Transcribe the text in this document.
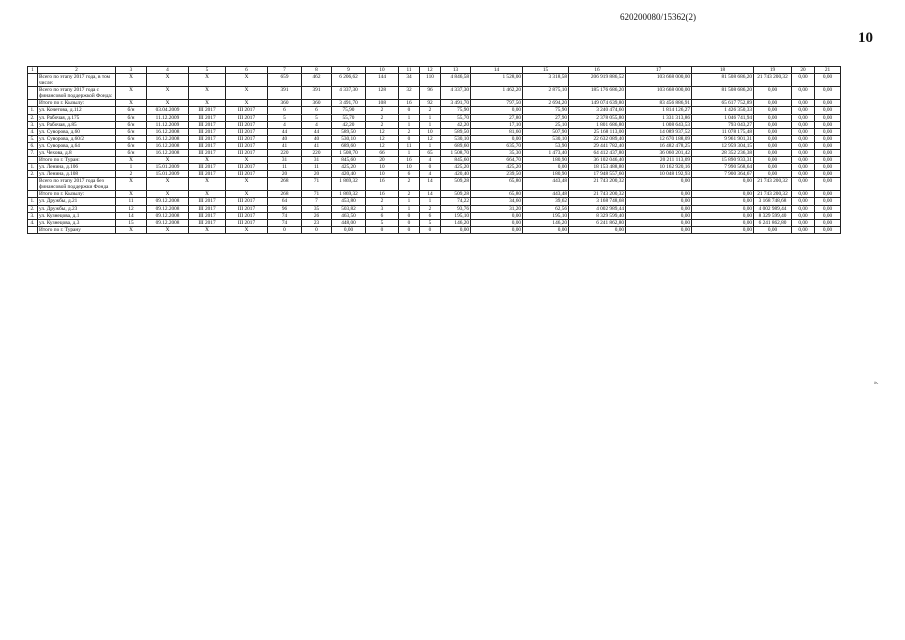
620200080/15362(2)
10
1	2	3	4	5	6	7	8	9	10	11	12	13	14	15	16	17	18	19	20	21
	Всего по этапу 2017 года, в том числе:	X	X	X	X	659	462	6 206,62	144	34	110	4 846,58	1 528,00	3 318,58	206 919 886,52	103 668 000,00	81 508 686,20	21 743 200,32	0,00	0,00
	Всего по этапу 2017 года с финансовой поддержкой Фонда:	X	X	X	X	391	391	4 337,30	128	32	96	4 337,30	1 462,20	2 875,10	185 176 686,20	103 668 000,00	81 508 686,20	0,00	0,00	0,00
	Итого по г. Кызылу:	X	X	X	X	360	360	3 491,70	108	16	92	3 491,70	797,50	2 694,20	149 074 639,80	83 456 886,91	65 617 752,89	0,00	0,00	0,00
1.	ул. Кочетова, д.112	б/н	03.04.2009	III 2017	III 2017	6	6	75,90	2	0	2	75,90	0,00	75,90	3 240 474,60	1 814 126,27	1 426 350,33	0,00	0,00	0,00
2.	ул. Рабочая, д.175	б/н	11.12.2009	III 2017	III 2017	5	5	55,70	2	1	1	55,70	27,80	27,90	2 378 055,80	1 331 313,86	1 046 741,94	0,00	0,00	0,00
3.	ул. Рабочая, д.85	б/н	11.12.2009	III 2017	III 2017	4	4	42,20	2	1	1	42,20	17,10	25,10	1 801 686,80	1 008 643,53	793 043,27	0,00	0,00	0,00
4.	ул. Суворова, д.60	б/н	16.12.2008	III 2017	III 2017	44	44	589,50	12	2	10	589,50	81,60	507,90	25 168 113,00	14 089 937,52	11 078 175,48	0,00	0,00	0,00
5.	ул. Суворова, д.60/2	б/н	16.12.2008	III 2017	III 2017	40	40	530,10	12	0	12	530,10	0,00	530,10	22 632 089,40	12 670 188,09	9 961 901,31	0,00	0,00	0,00
6.	ул. Суворова, д.64	б/н	16.12.2008	III 2017	III 2017	41	41	689,60	12	11	1	689,60	635,70	53,90	29 441 782,40	16 482 478,25	12 959 304,15	0,00	0,00	0,00
7.	ул. Чехова, д.8	б/н	16.12.2008	III 2017	III 2017	220	220	1 508,70	66	1	65	1 508,70	35,30	1 473,40	64 412 437,80	36 060 201,42	28 352 236,38	0,00	0,00	0,00
	Итого по г. Туран:	X	X	X	X	31	31	845,60	20	16	4	845,60	664,70	180,90	36 102 046,40	20 211 113,09	15 890 933,31	0,00	0,00	0,00
1.	ул. Ленина, д.106	1	15.01.2009	III 2017	III 2017	11	11	425,20	10	10	0	425,20	425,20	0,00	18 153 488,80	10 162 920,16	7 990 568,64	0,00	0,00	0,00
2.	ул. Ленина, д.108	2	15.01.2009	III 2017	III 2017	20	20	420,40	10	6	4	420,40	239,50	180,90	17 948 557,60	10 048 192,93	7 900 364,67	0,00	0,00	0,00
	Всего по этапу 2017 года без финансовой поддержки Фонда	X	X	X	X	268	71	1 869,32	16	2	14	509,28	65,80	443,48	21 743 200,32	0,00	0,00	21 743 200,32	0,00	0,00
	Итого по г. Кызылу:	X	X	X	X	268	71	1 869,32	16	2	14	509,28	65,80	443,48	21 743 200,32	0,00	0,00	21 743 200,32	0,00	0,00
1.	ул. Дружбы, д.21	11	09.12.2008	III 2017	III 2017	64	7	453,80	2	1	1	74,22	34,60	39,62	3 168 748,68	0,00	0,00	3 168 748,68	0,00	0,00
2.	ул. Дружбы, д.23	12	09.12.2008	III 2017	III 2017	96	35	503,82	3	1	2	93,76	31,20	62,56	4 002 989,44	0,00	0,00	4 002 989,44	0,00	0,00
3.	ул. Кузнецова, д.1	14	09.12.2008	III 2017	III 2017	74	26	463,50	6	0	6	195,10	0,00	195,10	8 329 599,40	0,00	0,00	8 329 599,40	0,00	0,00
4.	ул. Кузнецова, д.3	15	09.12.2008	III 2017	III 2017	74	23	448,00	5	0	5	146,20	0,00	146,20	6 241 862,80	0,00	0,00	6 241 862,80	0,00	0,00
	Итого по г. Турану	X	X	X	X	0	0	0,00	0	0	0	0,00	0,00	0,00	0,00	0,00	0,00	0,00	0,00	0,00
».
